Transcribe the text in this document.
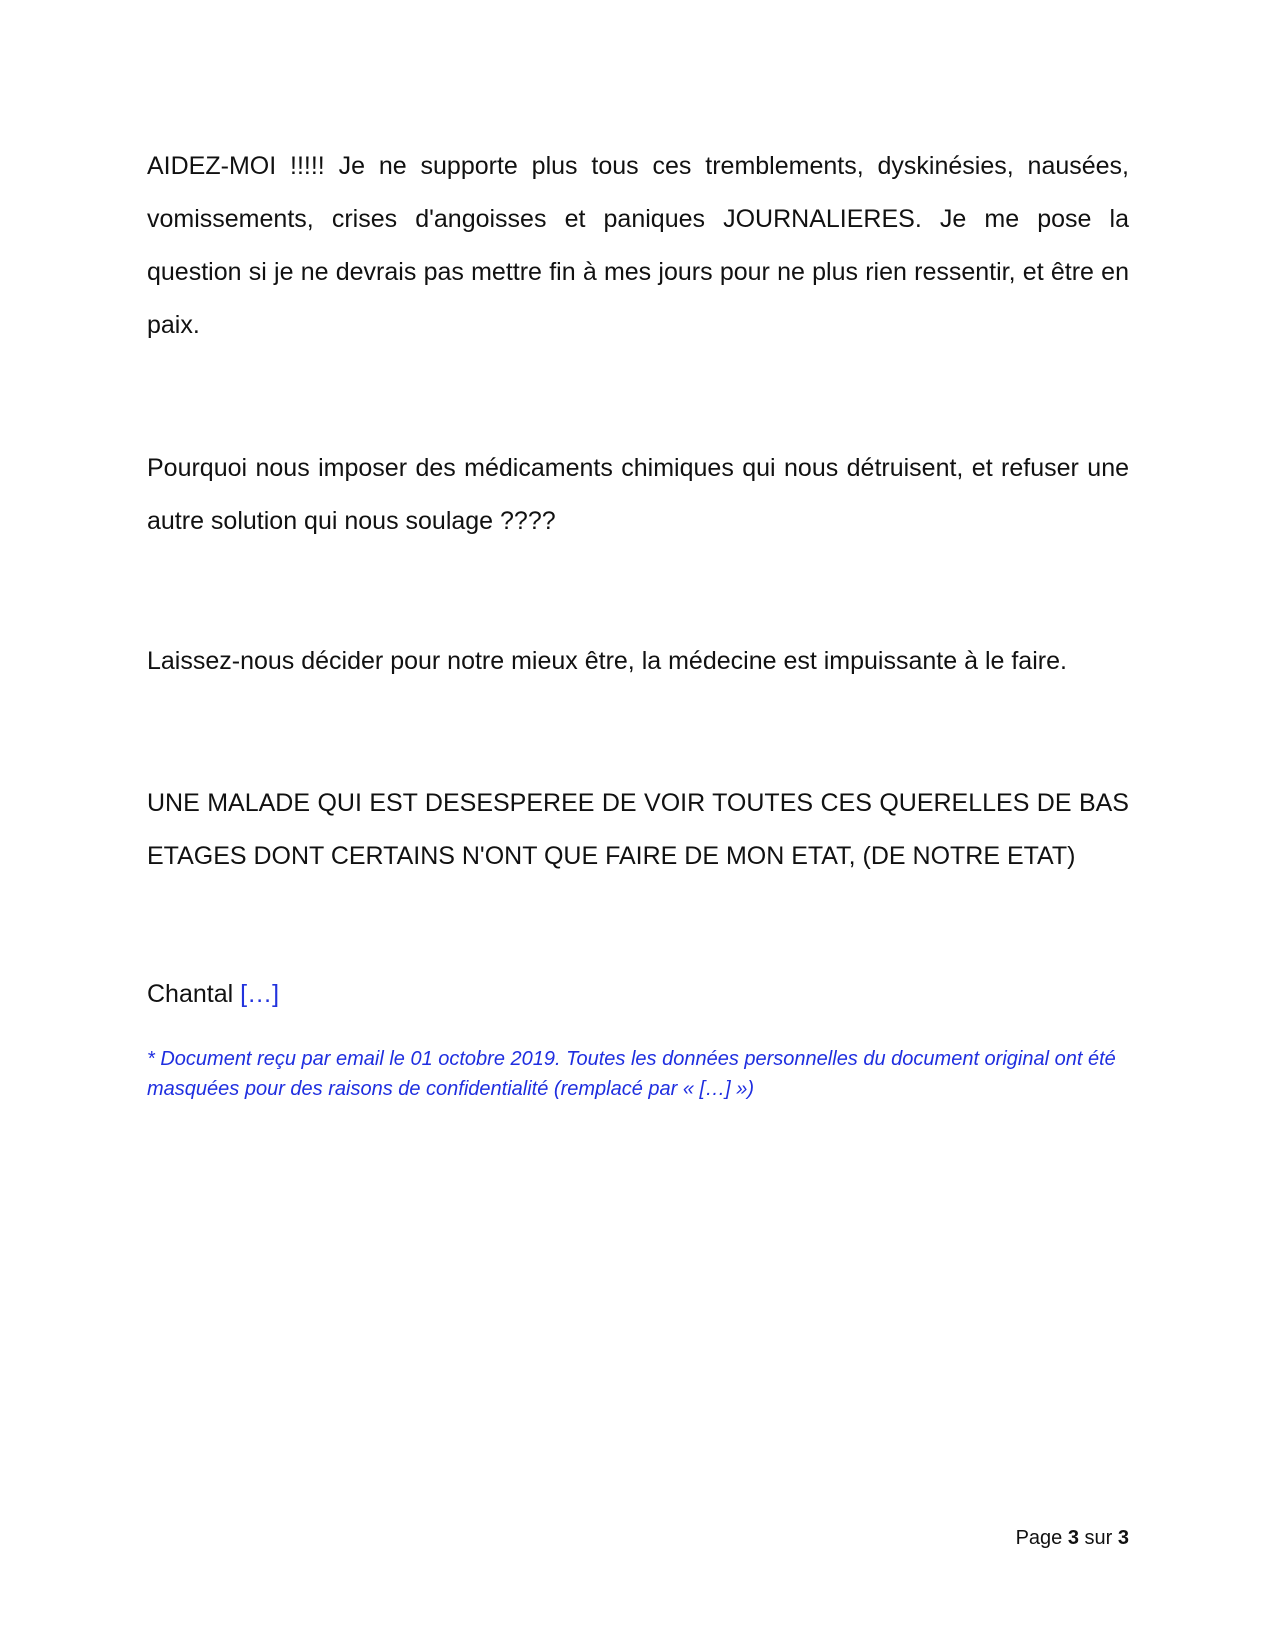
AIDEZ-MOI !!!!! Je ne supporte plus tous ces tremblements, dyskinésies, nausées, vomissements, crises d'angoisses et paniques JOURNALIERES. Je me pose la question si je ne devrais pas mettre fin à mes jours pour ne plus rien ressentir, et être en paix.

Pourquoi nous imposer des médicaments chimiques qui nous détruisent, et refuser une autre solution qui nous soulage ????

Laissez-nous décider pour notre mieux être, la médecine est impuissante à le faire.

UNE MALADE QUI EST DESESPEREE DE VOIR TOUTES CES QUERELLES DE BAS ETAGES DONT CERTAINS N'ONT QUE FAIRE DE MON ETAT, (DE NOTRE ETAT)

Chantal […]

* Document reçu par email le 01 octobre 2019. Toutes les données personnelles du document original ont été masquées pour des raisons de confidentialité (remplacé par « […] »)

Page 3 sur 3
